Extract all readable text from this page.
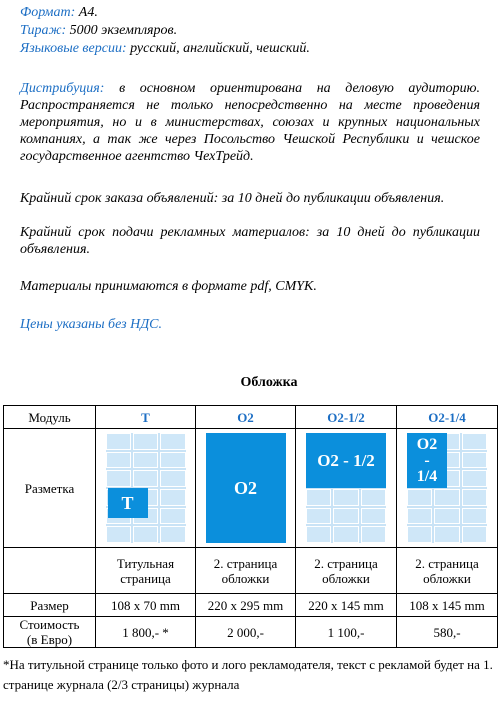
Формат: А4.

Тираж: 5000 экземпляров.

Языковые версии: русский, английский, чешский.

Дистрибуция: в основном ориентирована на деловую аудиторию. Распространяется не только непосредственно на месте проведения мероприятия, но и в министерствах, союзах и крупных национальных компаниях, а так же через Посольство Чешской Республики и чешское государственное агентство ЧехТрейд.

Крайний срок заказа объявлений: за 10 дней до публикации объявления.

Крайний срок подачи рекламных материалов: за 10 дней до публикации объявления.

Материалы принимаются в формате pdf, CMYK.

Цены указаны без НДС.

Обложка
Модуль	T	O2	O2-1/2	O2-1/4
Разметка	T	O2	O2 - 1/2	O2 - 1/4

	Титульная страница	2. страница обложки	2. страница обложки	2. страница обложки
Размер	108 x 70 mm	220 x 295 mm	220 x 145 mm	108 x 145 mm
Стоимость
(в Евро)	1 800,- *	2 000,-	1 100,-	580,-
*На титульной странице только фото и лого рекламодателя, текст с рекламой будет на 1. странице журнала (2/3 страницы) журнала
